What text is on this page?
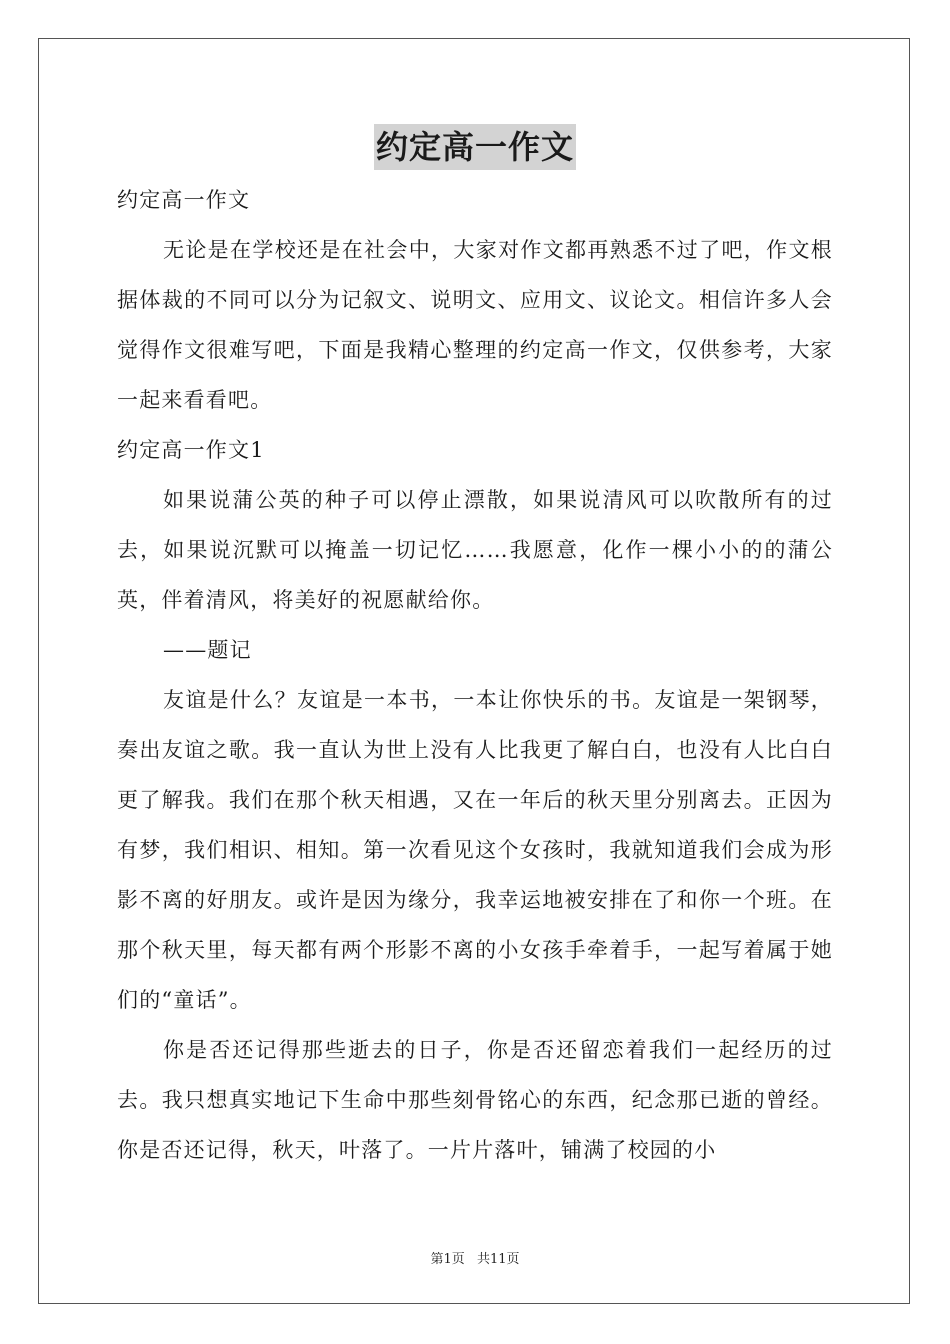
约定高一作文

约定高一作文

无论是在学校还是在社会中，大家对作文都再熟悉不过了吧，作文根据体裁的不同可以分为记叙文、说明文、应用文、议论文。相信许多人会觉得作文很难写吧，下面是我精心整理的约定高一作文，仅供参考，大家一起来看看吧。

约定高一作文1

如果说蒲公英的种子可以停止漂散，如果说清风可以吹散所有的过去，如果说沉默可以掩盖一切记忆……我愿意，化作一棵小小的的蒲公英，伴着清风，将美好的祝愿献给你。

——题记

友谊是什么？友谊是一本书，一本让你快乐的书。友谊是一架钢琴，奏出友谊之歌。我一直认为世上没有人比我更了解白白，也没有人比白白更了解我。我们在那个秋天相遇，又在一年后的秋天里分别离去。正因为有梦，我们相识、相知。第一次看见这个女孩时，我就知道我们会成为形影不离的好朋友。或许是因为缘分，我幸运地被安排在了和你一个班。在那个秋天里，每天都有两个形影不离的小女孩手牵着手，一起写着属于她们的“童话”。

你是否还记得那些逝去的日子，你是否还留恋着我们一起经历的过去。我只想真实地记下生命中那些刻骨铭心的东西，纪念那已逝的曾经。你是否还记得，秋天，叶落了。一片片落叶，铺满了校园的小

第1页 共11页
